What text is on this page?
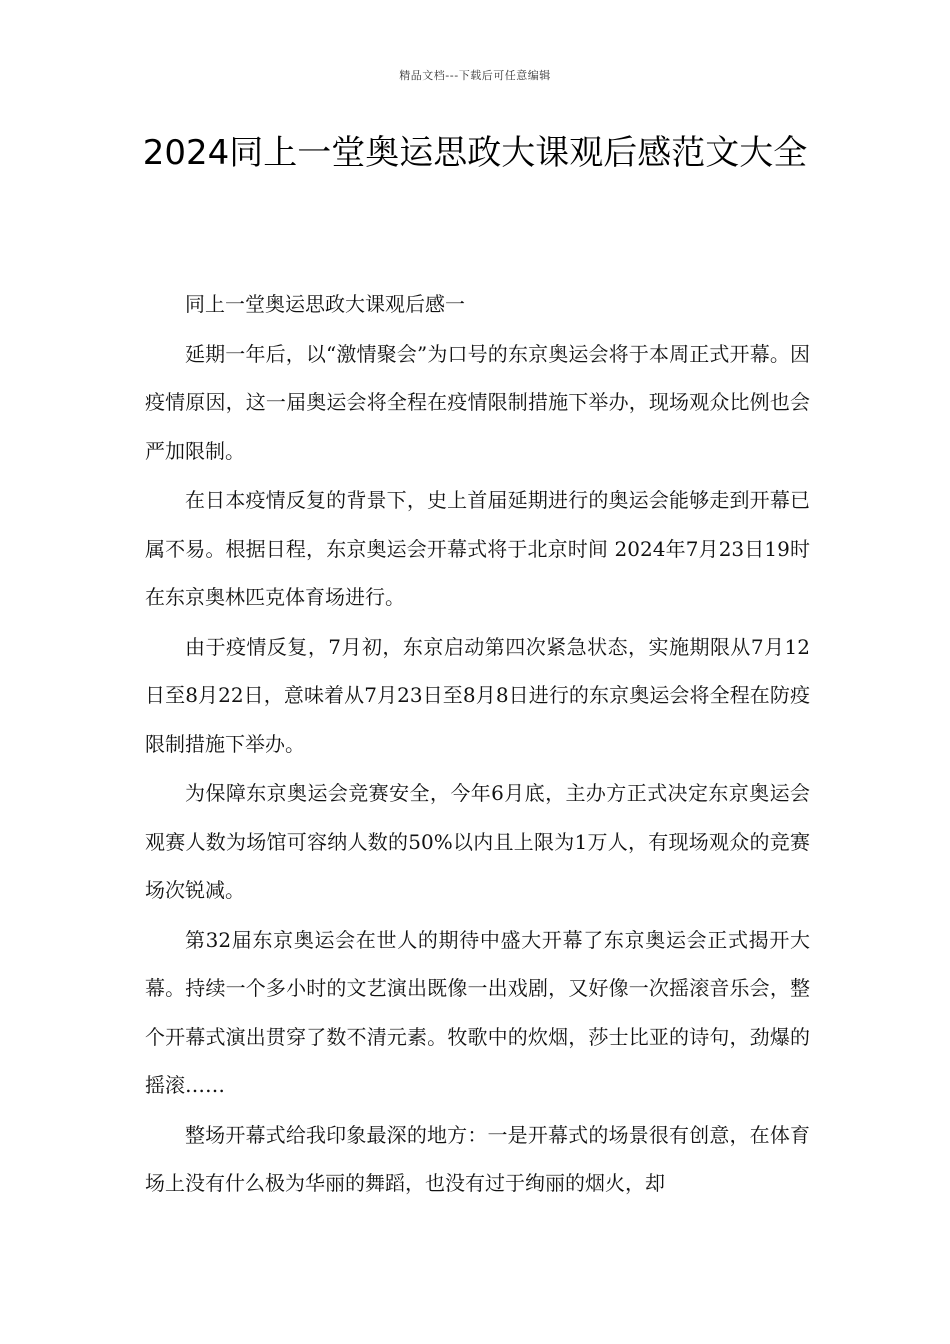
精品文档---下载后可任意编辑
2024同上一堂奥运思政大课观后感范文大全

同上一堂奥运思政大课观后感一

延期一年后，以“激情聚会”为口号的东京奥运会将于本周正式开幕。因疫情原因，这一届奥运会将全程在疫情限制措施下举办，现场观众比例也会严加限制。

在日本疫情反复的背景下，史上首届延期进行的奥运会能够走到开幕已属不易。根据日程，东京奥运会开幕式将于北京时间 2024年7月23日19时在东京奥林匹克体育场进行。

由于疫情反复，7月初，东京启动第四次紧急状态，实施期限从7月12日至8月22日，意味着从7月23日至8月8日进行的东京奥运会将全程在防疫限制措施下举办。

为保障东京奥运会竞赛安全，今年6月底，主办方正式决定东京奥运会观赛人数为场馆可容纳人数的50%以内且上限为1万人，有现场观众的竞赛场次锐减。

第32届东京奥运会在世人的期待中盛大开幕了东京奥运会正式揭开大幕。持续一个多小时的文艺演出既像一出戏剧，又好像一次摇滚音乐会，整个开幕式演出贯穿了数不清元素。牧歌中的炊烟，莎士比亚的诗句，劲爆的摇滚……

整场开幕式给我印象最深的地方：一是开幕式的场景很有创意，在体育场上没有什么极为华丽的舞蹈，也没有过于绚丽的烟火，却
